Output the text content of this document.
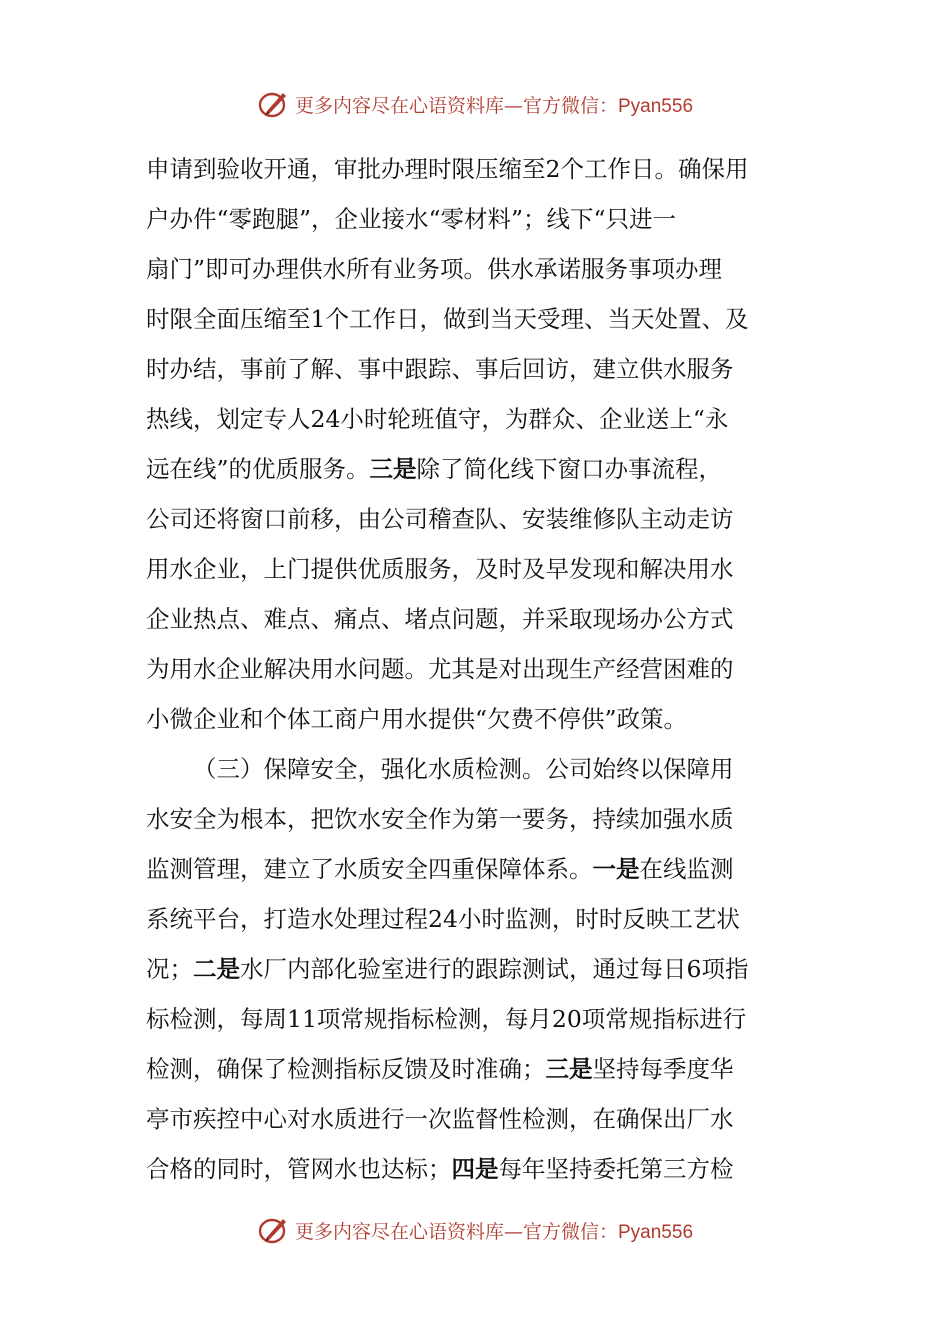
更多内容尽在心语资料库—官方微信：Pyan556
申请到验收开通，审批办理时限压缩至2个工作日。确保用
户办件“零跑腿”，企业接水“零材料”；线下“只进一
扇门”即可办理供水所有业务项。供水承诺服务事项办理
时限全面压缩至1个工作日，做到当天受理、当天处置、及
时办结，事前了解、事中跟踪、事后回访，建立供水服务
热线，划定专人24小时轮班值守，为群众、企业送上“永
远在线”的优质服务。三是除了简化线下窗口办事流程，
公司还将窗口前移，由公司稽查队、安装维修队主动走访
用水企业，上门提供优质服务，及时及早发现和解决用水
企业热点、难点、痛点、堵点问题，并采取现场办公方式
为用水企业解决用水问题。尤其是对出现生产经营困难的
小微企业和个体工商户用水提供“欠费不停供”政策。
（三）保障安全，强化水质检测。公司始终以保障用
水安全为根本，把饮水安全作为第一要务，持续加强水质
监测管理，建立了水质安全四重保障体系。一是在线监测
系统平台，打造水处理过程24小时监测，时时反映工艺状
况；二是水厂内部化验室进行的跟踪测试，通过每日6项指
标检测，每周11项常规指标检测，每月20项常规指标进行
检测，确保了检测指标反馈及时准确；三是坚持每季度华
亭市疾控中心对水质进行一次监督性检测，在确保出厂水
合格的同时，管网水也达标；四是每年坚持委托第三方检
更多内容尽在心语资料库—官方微信：Pyan556
